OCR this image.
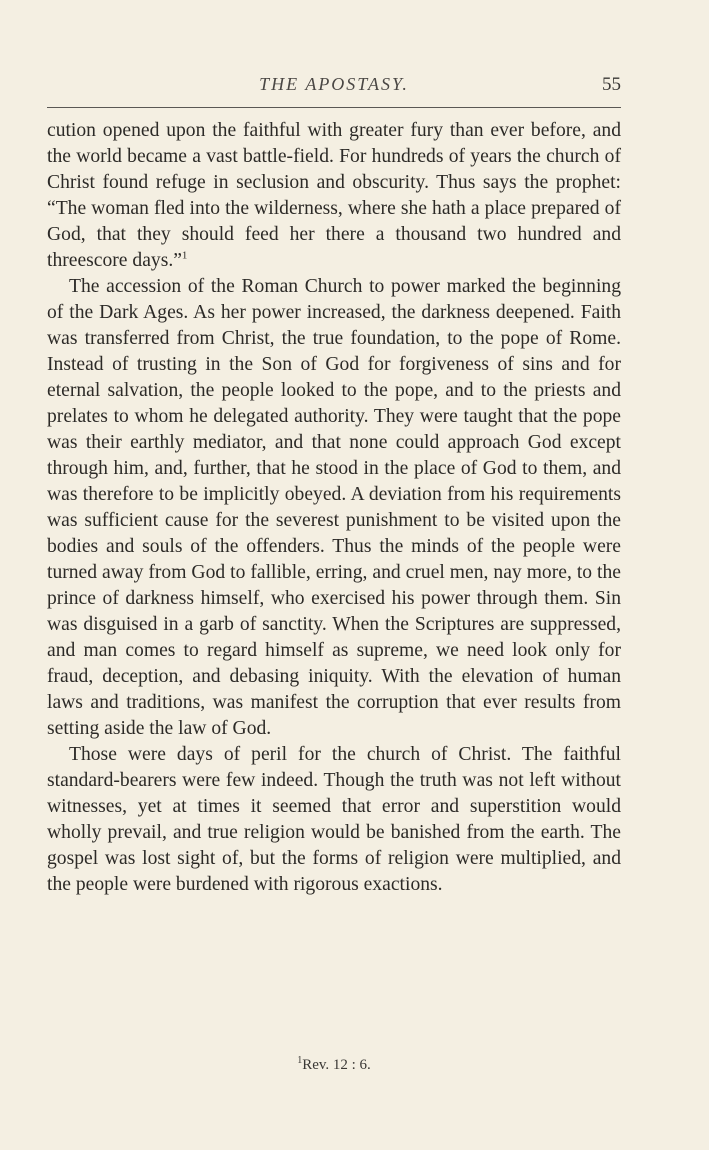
THE APOSTASY.	55

cution opened upon the faithful with greater fury than ever before, and the world became a vast battle-field. For hundreds of years the church of Christ found refuge in seclusion and obscurity. Thus says the prophet: “The woman fled into the wilderness, where she hath a place prepared of God, that they should feed her there a thousand two hundred and threescore days.”$^1$

The accession of the Roman Church to power marked the beginning of the Dark Ages. As her power increased, the darkness deepened. Faith was transferred from Christ, the true foundation, to the pope of Rome. Instead of trusting in the Son of God for forgiveness of sins and for eternal salvation, the people looked to the pope, and to the priests and prelates to whom he delegated authority. They were taught that the pope was their earthly mediator, and that none could approach God except through him, and, further, that he stood in the place of God to them, and was therefore to be implicitly obeyed. A deviation from his requirements was sufficient cause for the severest punishment to be visited upon the bodies and souls of the offenders. Thus the minds of the people were turned away from God to fallible, erring, and cruel men, nay more, to the prince of darkness himself, who exercised his power through them. Sin was disguised in a garb of sanctity. When the Scriptures are suppressed, and man comes to regard himself as supreme, we need look only for fraud, deception, and debasing iniquity. With the elevation of human laws and traditions, was manifest the corruption that ever results from setting aside the law of God.

Those were days of peril for the church of Christ. The faithful standard-bearers were few indeed. Though the truth was not left without witnesses, yet at times it seemed that error and superstition would wholly prevail, and true religion would be banished from the earth. The gospel was lost sight of, but the forms of religion were multiplied, and the people were burdened with rigorous exactions.

$^1$Rev. 12 : 6.
